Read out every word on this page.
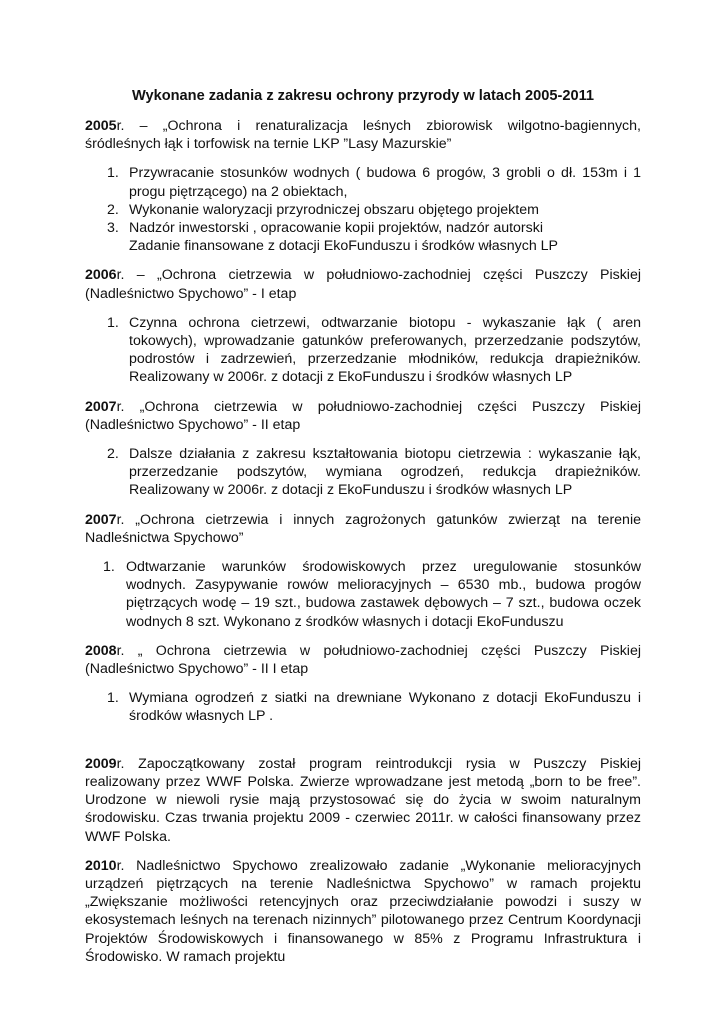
Wykonane zadania z zakresu ochrony przyrody w latach 2005-2011

2005r. – „Ochrona i renaturalizacja leśnych zbiorowisk wilgotno-bagiennych, śródleśnych łąk i torfowisk na ternie LKP ”Lasy Mazurskie”

1. Przywracanie stosunków wodnych ( budowa 6 progów, 3 grobli o dł. 153m i 1 progu piętrzącego) na 2 obiektach,
2. Wykonanie waloryzacji przyrodniczej obszaru objętego projektem
3. Nadzór inwestorski , opracowanie kopii projektów, nadzór autorski
Zadanie finansowane z dotacji EkoFunduszu i środków własnych LP

2006r. – „Ochrona cietrzewia w południowo-zachodniej części Puszczy Piskiej (Nadleśnictwo Spychowo” - I etap

1. Czynna ochrona cietrzewi, odtwarzanie biotopu - wykaszanie łąk ( aren tokowych), wprowadzanie gatunków preferowanych, przerzedzanie podszytów, podrostów i zadrzewień, przerzedzanie młodników, redukcja drapieżników. Realizowany w 2006r. z dotacji z EkoFunduszu i środków własnych LP

2007r. „Ochrona cietrzewia w południowo-zachodniej części Puszczy Piskiej (Nadleśnictwo Spychowo” - II etap

2. Dalsze działania z zakresu kształtowania biotopu cietrzewia : wykaszanie łąk, przerzedzanie podszytów, wymiana ogrodzeń, redukcja drapieżników. Realizowany w 2006r. z dotacji z EkoFunduszu i środków własnych LP

2007r. „Ochrona cietrzewia i innych zagrożonych gatunków zwierząt na terenie Nadleśnictwa Spychowo”

1. Odtwarzanie warunków środowiskowych przez uregulowanie stosunków wodnych. Zasypywanie rowów melioracyjnych – 6530 mb., budowa progów piętrzących wodę – 19 szt., budowa zastawek dębowych – 7 szt., budowa oczek wodnych 8 szt. Wykonano z środków własnych i dotacji EkoFunduszu

2008r. „ Ochrona cietrzewia w południowo-zachodniej części Puszczy Piskiej (Nadleśnictwo Spychowo” - II I etap

1. Wymiana ogrodzeń z siatki na drewniane Wykonano z dotacji EkoFunduszu i środków własnych LP .

2009r. Zapoczątkowany został program reintrodukcji rysia w Puszczy Piskiej realizowany przez WWF Polska. Zwierze wprowadzane jest metodą „born to be free”. Urodzone w niewoli rysie mają przystosować się do życia w swoim naturalnym środowisku. Czas trwania projektu 2009 - czerwiec 2011r. w całości finansowany przez WWF Polska.

2010r. Nadleśnictwo Spychowo zrealizowało zadanie „Wykonanie melioracyjnych urządzeń piętrzących na terenie Nadleśnictwa Spychowo” w ramach projektu „Zwiększanie możliwości retencyjnych oraz przeciwdziałanie powodzi i suszy w ekosystemach leśnych na terenach nizinnych” pilotowanego przez Centrum Koordynacji Projektów Środowiskowych i finansowanego w 85% z Programu Infrastruktura i Środowisko. W ramach projektu
